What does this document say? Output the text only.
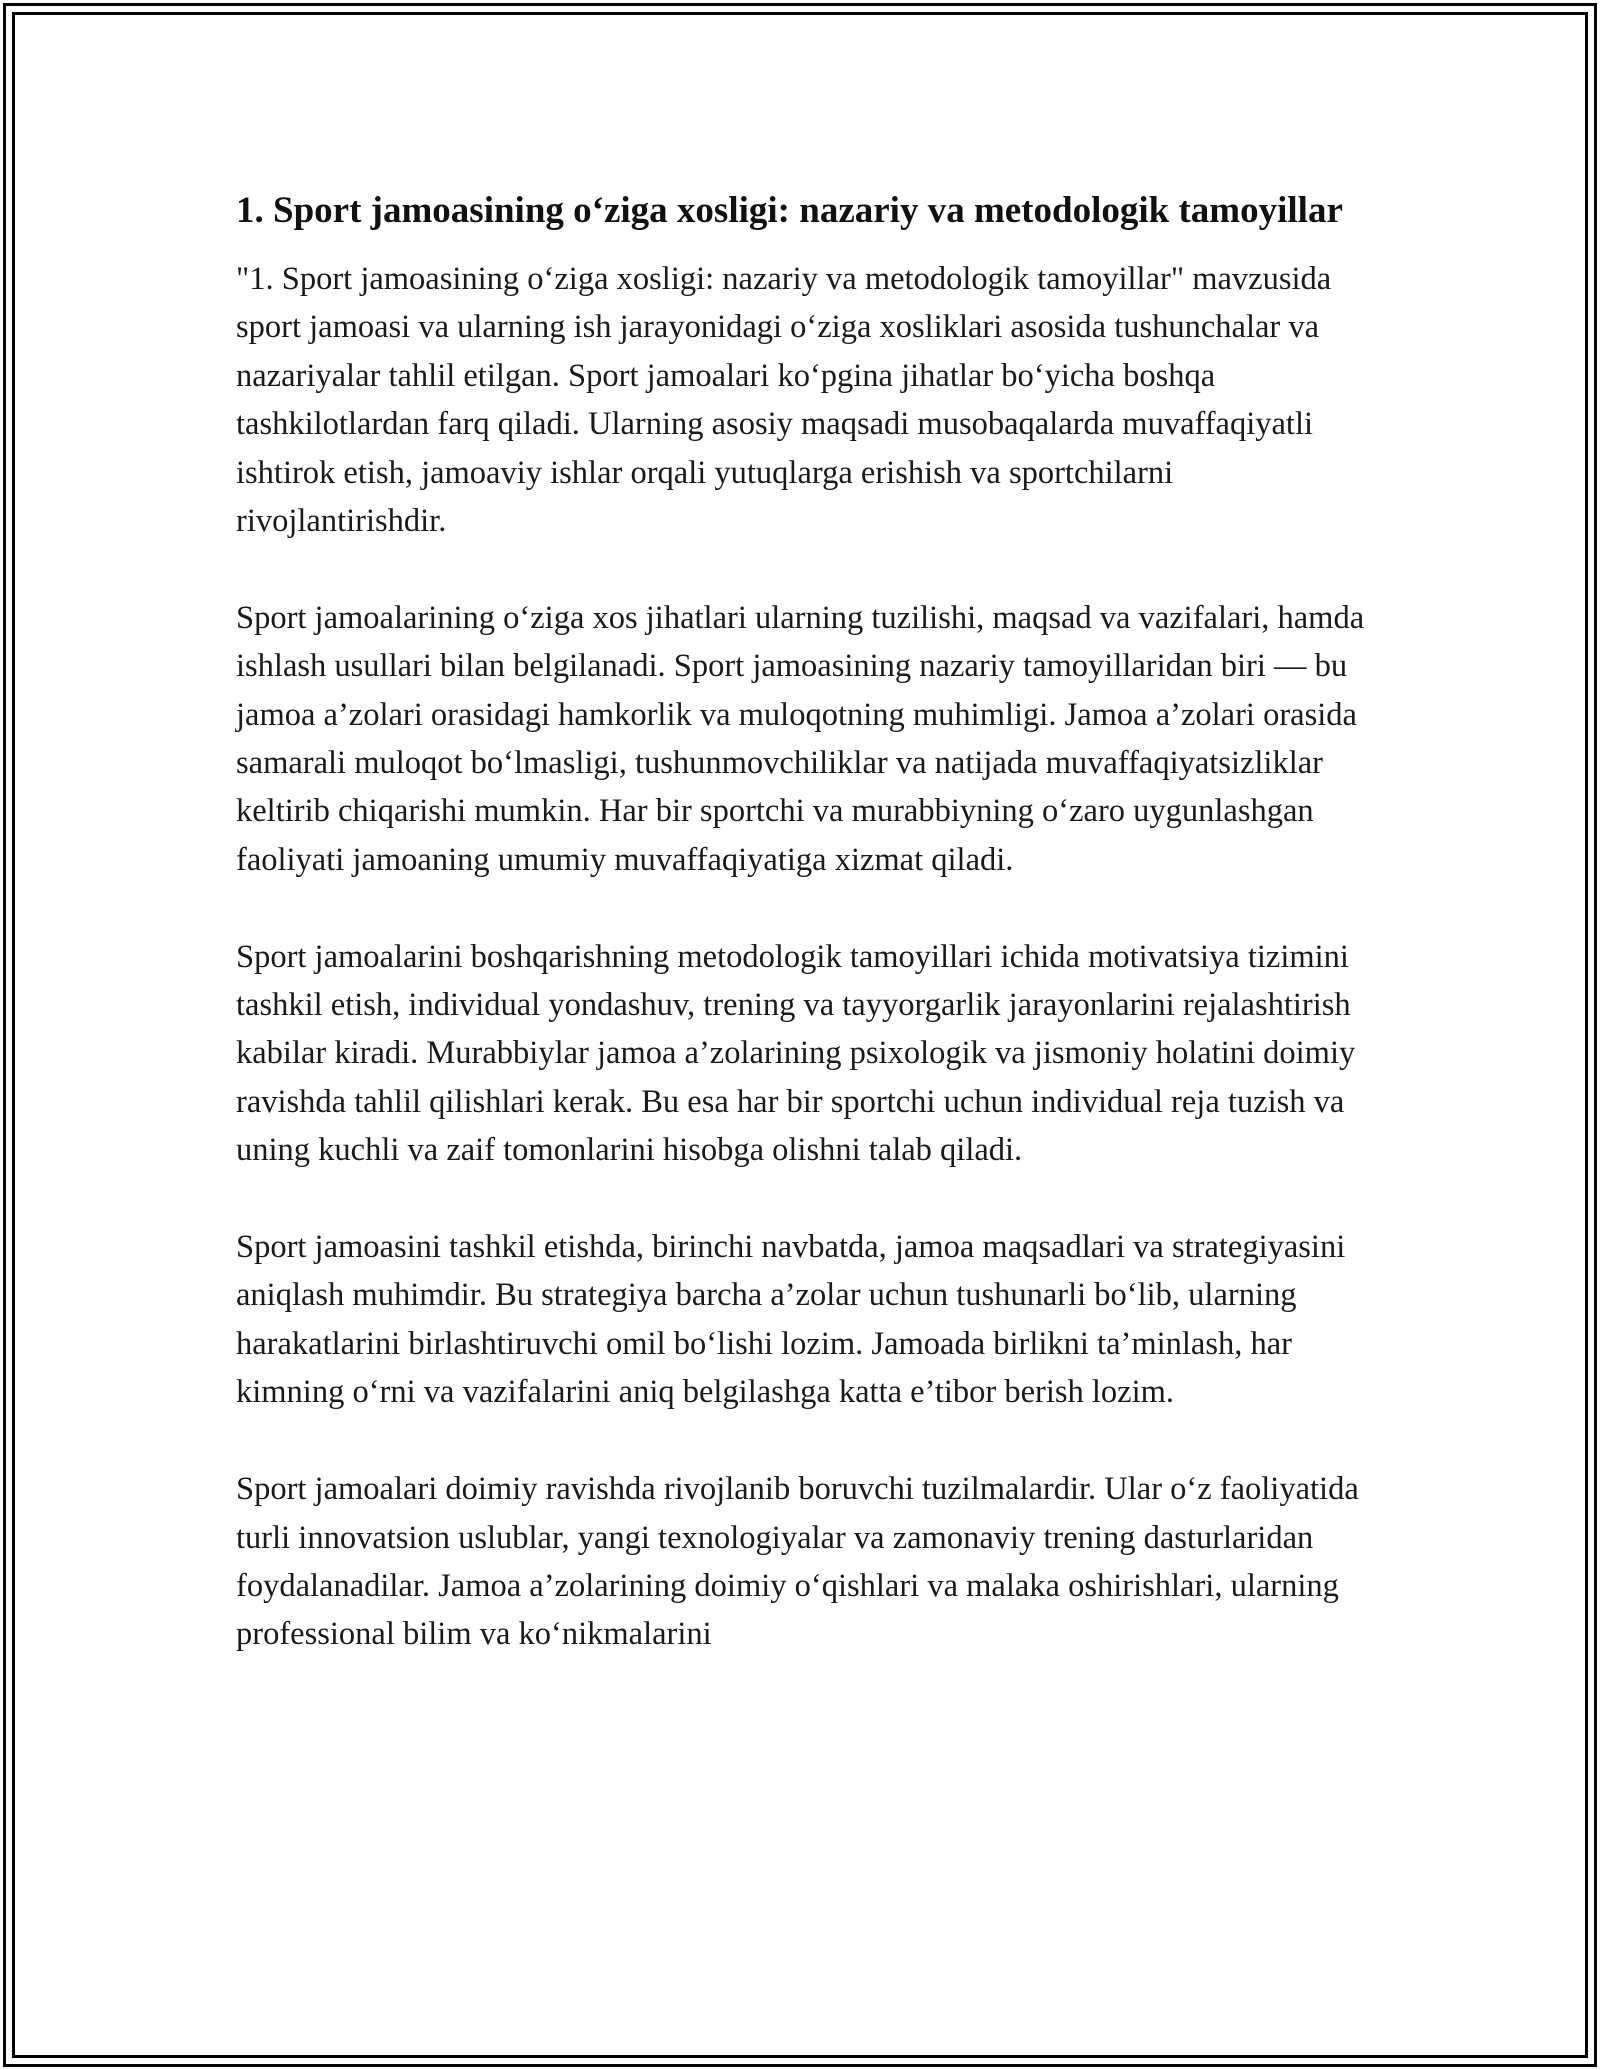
1. Sport jamoasining o‘ziga xosligi: nazariy va metodologik tamoyillar

"1. Sport jamoasining o‘ziga xosligi: nazariy va metodologik tamoyillar" mavzusida sport jamoasi va ularning ish jarayonidagi o‘ziga xosliklari asosida tushunchalar va nazariyalar tahlil etilgan. Sport jamoalari ko‘pgina jihatlar bo‘yicha boshqa tashkilotlardan farq qiladi. Ularning asosiy maqsadi musobaqalarda muvaffaqiyatli ishtirok etish, jamoaviy ishlar orqali yutuqlarga erishish va sportchilarni rivojlantirishdir.

Sport jamoalarining o‘ziga xos jihatlari ularning tuzilishi, maqsad va vazifalari, hamda ishlash usullari bilan belgilanadi. Sport jamoasining nazariy tamoyillaridan biri — bu jamoa a’zolari orasidagi hamkorlik va muloqotning muhimligi. Jamoa a’zolari orasida samarali muloqot bo‘lmasligi, tushunmovchiliklar va natijada muvaffaqiyatsizliklar keltirib chiqarishi mumkin. Har bir sportchi va murabbiyning o‘zaro uygunlashgan faoliyati jamoaning umumiy muvaffaqiyatiga xizmat qiladi.

Sport jamoalarini boshqarishning metodologik tamoyillari ichida motivatsiya tizimini tashkil etish, individual yondashuv, trening va tayyorgarlik jarayonlarini rejalashtirish kabilar kiradi. Murabbiylar jamoa a’zolarining psixologik va jismoniy holatini doimiy ravishda tahlil qilishlari kerak. Bu esa har bir sportchi uchun individual reja tuzish va uning kuchli va zaif tomonlarini hisobga olishni talab qiladi.

Sport jamoasini tashkil etishda, birinchi navbatda, jamoa maqsadlari va strategiyasini aniqlash muhimdir. Bu strategiya barcha a’zolar uchun tushunarli bo‘lib, ularning harakatlarini birlashtiruvchi omil bo‘lishi lozim. Jamoada birlikni ta’minlash, har kimning o‘rni va vazifalarini aniq belgilashga katta e’tibor berish lozim.

Sport jamoalari doimiy ravishda rivojlanib boruvchi tuzilmalardir. Ular o‘z faoliyatida turli innovatsion uslublar, yangi texnologiyalar va zamonaviy trening dasturlaridan foydalanadilar. Jamoa a’zolarining doimiy o‘qishlari va malaka oshirishlari, ularning professional bilim va ko‘nikmalarini
